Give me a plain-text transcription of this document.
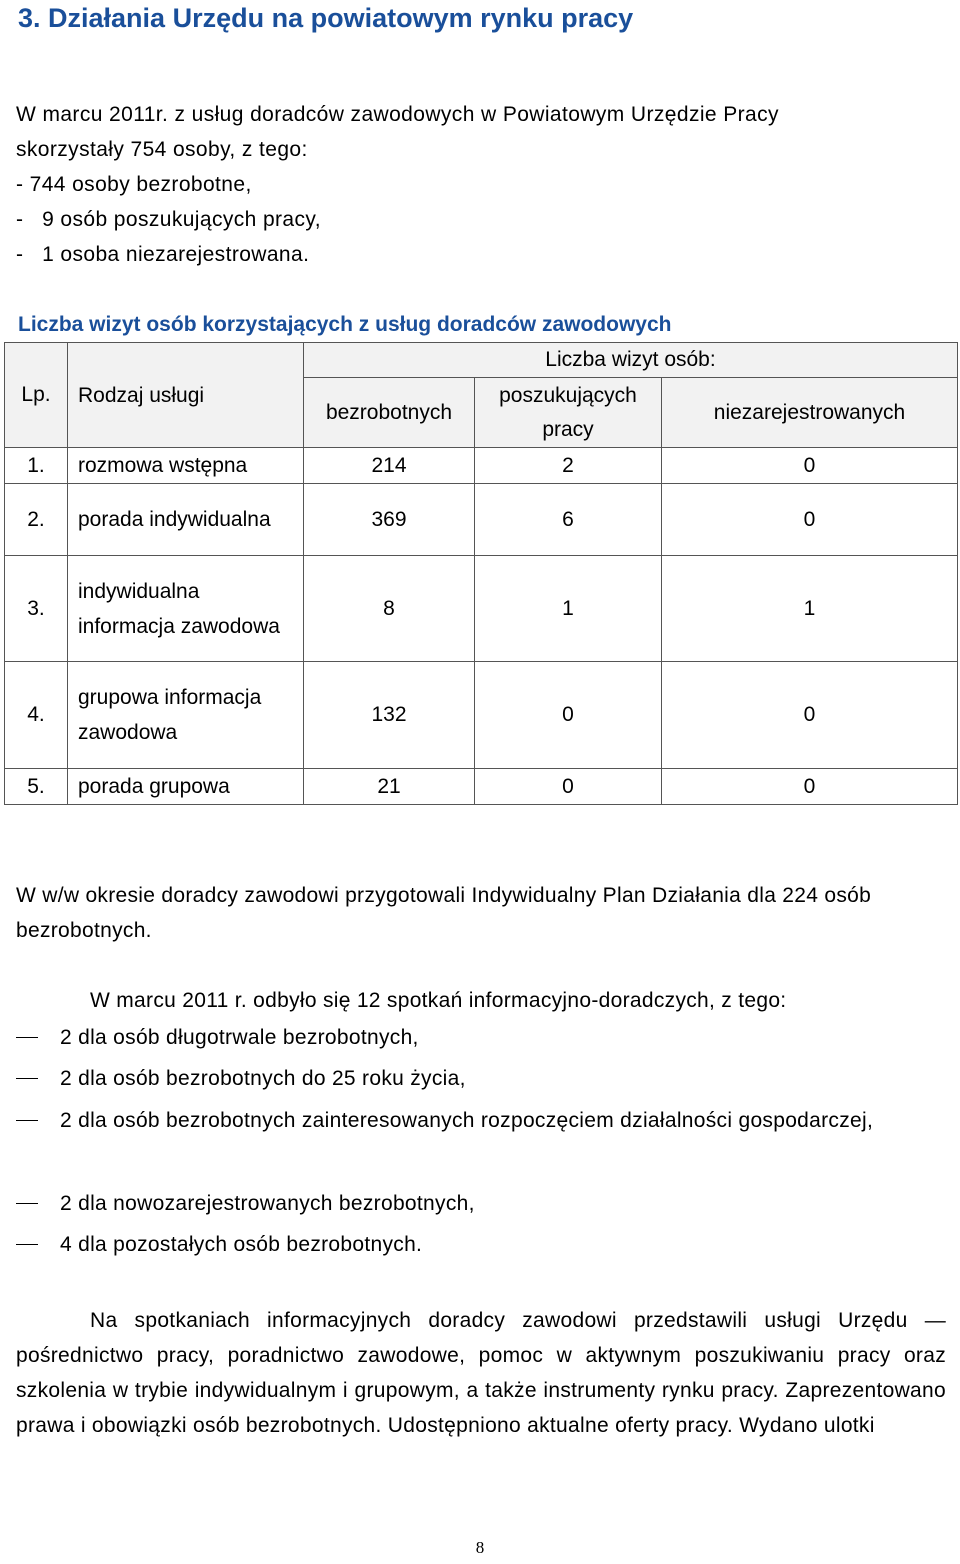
3. Działania Urzędu na powiatowym rynku pracy
W marcu 2011r. z usług doradców zawodowych w Powiatowym Urzędzie Pracy
skorzystały 754 osoby, z tego:
- 744 osoby bezrobotne,
-   9 osób poszukujących pracy,
-   1 osoba niezarejestrowana.
Liczba wizyt osób korzystających z usług doradców zawodowych
Lp.	Rodzaj usługi	Liczba wizyt osób:		
		bezrobotnych	poszukujących pracy	niezarejestrowanych
1.	rozmowa wstępna	214	2	0
2.	porada indywidualna	369	6	0
3.	indywidualna informacja zawodowa	8	1	1
4.	grupowa informacja zawodowa	132	0	0
5.	porada grupowa	21	0	0
W w/w okresie doradcy zawodowi przygotowali Indywidualny Plan Działania dla 224 osób bezrobotnych.
W marcu 2011 r. odbyło się 12 spotkań informacyjno-doradczych, z tego:
2 dla osób długotrwale bezrobotnych,
2 dla osób bezrobotnych do 25 roku życia,
2 dla osób bezrobotnych zainteresowanych rozpoczęciem działalności gospodarczej,
2 dla nowozarejestrowanych bezrobotnych,
4 dla pozostałych osób bezrobotnych.
Na spotkaniach informacyjnych doradcy zawodowi przedstawili usługi Urzędu — pośrednictwo pracy, poradnictwo zawodowe, pomoc w aktywnym poszukiwaniu pracy oraz szkolenia w trybie indywidualnym i grupowym, a także instrumenty rynku pracy. Zaprezentowano prawa i obowiązki osób bezrobotnych. Udostępniono aktualne oferty pracy. Wydano ulotki
8
